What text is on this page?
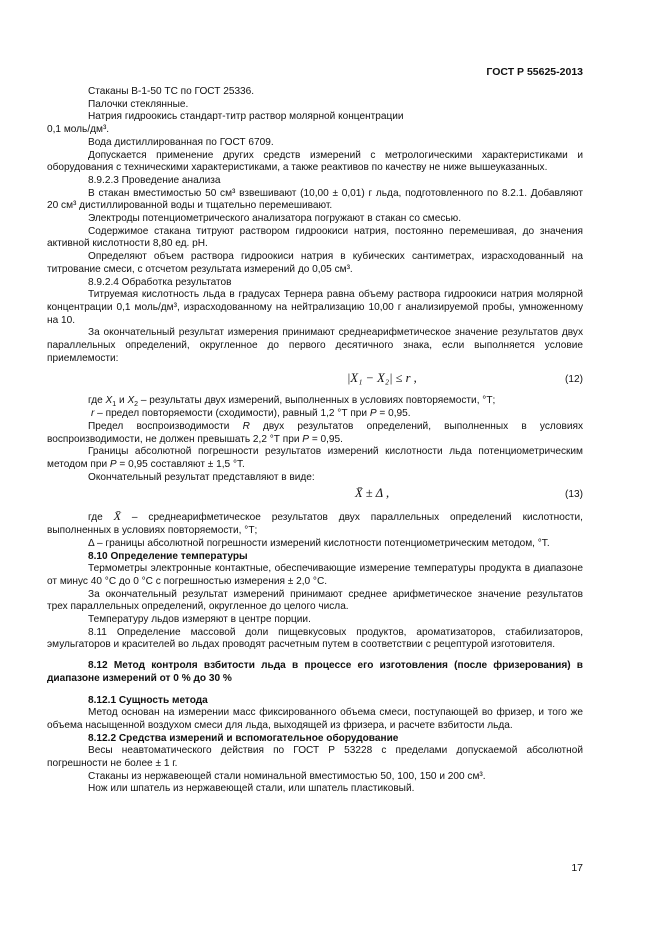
ГОСТ Р 55625-2013

Стаканы В-1-50 ТС по ГОСТ 25336.

Палочки стеклянные.

Натрия гидроокись стандарт-титр раствор молярной концентрации

0,1 моль/дм³.

Вода дистиллированная по ГОСТ 6709.

Допускается применение других средств измерений с метрологическими характеристиками и оборудования с техническими характеристиками, а также реактивов по качеству не ниже вышеуказанных.

8.9.2.3 Проведение анализа

В стакан вместимостью 50 см³ взвешивают (10,00 ± 0,01) г льда, подготовленного по 8.2.1. Добавляют 20 см³ дистиллированной воды и тщательно перемешивают.

Электроды потенциометрического анализатора погружают в стакан со смесью.

Содержимое стакана титруют раствором гидроокиси натрия, постоянно перемешивая, до значения активной кислотности 8,80 ед. pH.

Определяют объем раствора гидроокиси натрия в кубических сантиметрах, израсходованный на титрование смеси, с отсчетом результата измерений до 0,05 см³.

8.9.2.4 Обработка результатов

Титруемая кислотность льда в градусах Тернера равна объему раствора гидроокиси натрия молярной концентрации 0,1 моль/дм³, израсходованному на нейтрализацию 10,00 г анализируемой пробы, умноженному на 10.

За окончательный результат измерения принимают среднеарифметическое значение результатов двух параллельных определений, округленное до первого десятичного знака, если выполняется условие приемлемости:

|X₁ − X₂| ≤ r ,	(12)

где $X_1$ и $X_2$ – результаты двух измерений, выполненных в условиях повторяемости, °Т;

r – предел повторяемости (сходимости), равный 1,2 °Т при P = 0,95.

Предел воспроизводимости R двух результатов определений, выполненных в условиях воспроизводимости, не должен превышать 2,2 °Т при P = 0,95.

Границы абсолютной погрешности результатов измерений кислотности льда потенциометрическим методом при P = 0,95 составляют ± 1,5 °Т.

Окончательный результат представляют в виде:

X̄ ± Δ ,	(13)

где X̄ – среднеарифметическое результатов двух параллельных определений кислотности, выполненных в условиях повторяемости, °Т;

Δ – границы абсолютной погрешности измерений кислотности потенциометрическим методом, °Т.

8.10 Определение температуры

Термометры электронные контактные, обеспечивающие измерение температуры продукта в диапазоне от минус 40 °С до 0 °С с погрешностью измерения ± 2,0 °С.

За окончательный результат измерений принимают среднее арифметическое значение результатов трех параллельных определений, округленное до целого числа.

Температуру льдов измеряют в центре порции.

8.11 Определение массовой доли пищевкусовых продуктов, ароматизаторов, стабилизаторов, эмульгаторов и красителей во льдах проводят расчетным путем в соответствии с рецептурой изготовителя.

8.12 Метод контроля взбитости льда в процессе его изготовления (после фризерования) в диапазоне измерений от 0 % до 30 %

8.12.1 Сущность метода

Метод основан на измерении масс фиксированного объема смеси, поступающей во фризер, и того же объема насыщенной воздухом смеси для льда, выходящей из фризера, и расчете взбитости льда.

8.12.2 Средства измерений и вспомогательное оборудование

Весы неавтоматического действия по ГОСТ Р 53228 с пределами допускаемой абсолютной погрешности не более ± 1 г.

Стаканы из нержавеющей стали номинальной вместимостью 50, 100, 150 и 200 см³.

Нож или шпатель из нержавеющей стали, или шпатель пластиковый.

17
